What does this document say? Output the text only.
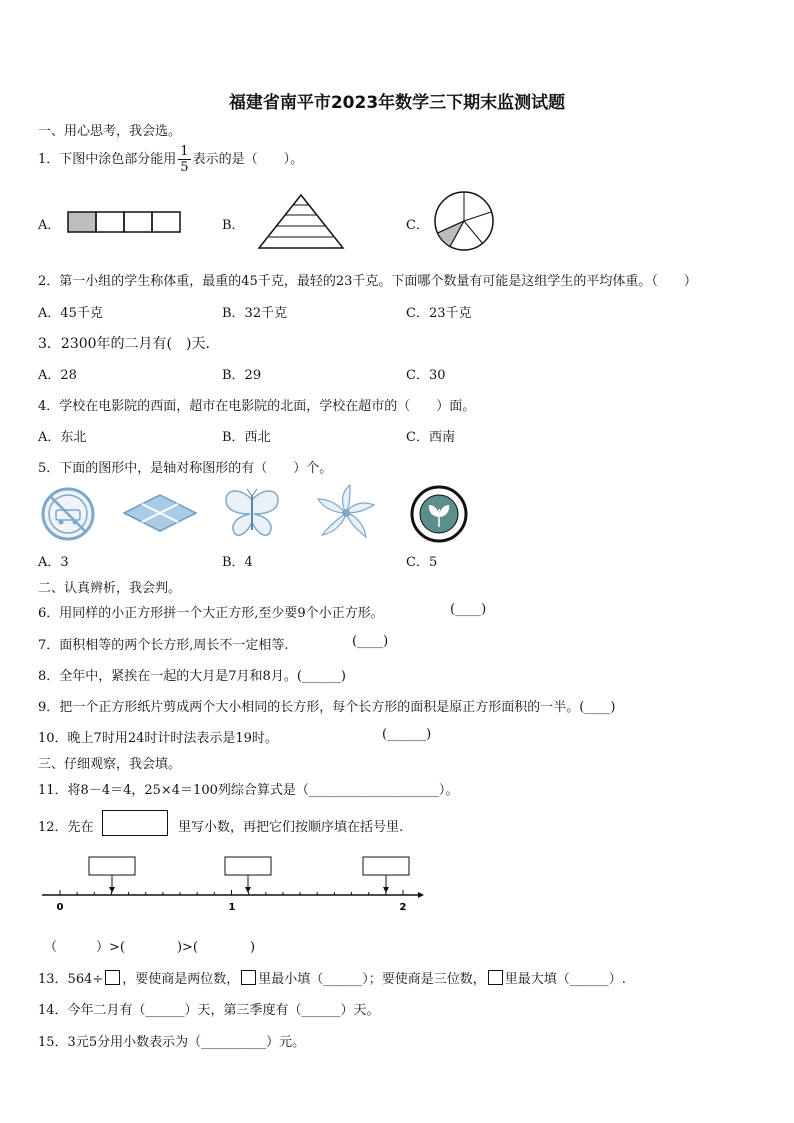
福建省南平市2023年数学三下期末监测试题
一、用心思考，我会选。
1．下图中涂色部分能用 $\frac{1}{5}$ 表示的是（　　）。
A．	B．	C．
2．第一小组的学生称体重，最重的45千克，最轻的23千克。下面哪个数量有可能是这组学生的平均体重。（　　）
A．45千克	B．32千克	C．23千克
3．2300年的二月有(　)天.
A．28	B．29	C．30
4．学校在电影院的西面，超市在电影院的北面，学校在超市的（　　）面。
A．东北	B．西北	C．西南
5．下面的图形中，是轴对称图形的有（　　）个。
A．3	B．4	C．5
二、认真辨析，我会判。
6．用同样的小正方形拼一个大正方形,至少要9个小正方形。	(____)
7．面积相等的两个长方形,周长不一定相等.	(____)
8．全年中，紧挨在一起的大月是7月和8月。(______)
9．把一个正方形纸片剪成两个大小相同的长方形，每个长方形的面积是原正方形面积的一半。(____)
10．晚上7时用24时计时法表示是19时。	(______)
三、仔细观察，我会填。
11．将8－4＝4，25×4＝100列综合算式是（____________________）。
12．先在	里写小数，再把它们按顺序填在括号里.
0	1	2
（　　　）>(　　　　)>(　　　　)
13．564÷ ，要使商是两位数， 里最小填（______）；要使商是三位数， 里最大填（______）.
14．今年二月有（______）天，第三季度有（______）天。
15．3元5分用小数表示为（__________）元。
